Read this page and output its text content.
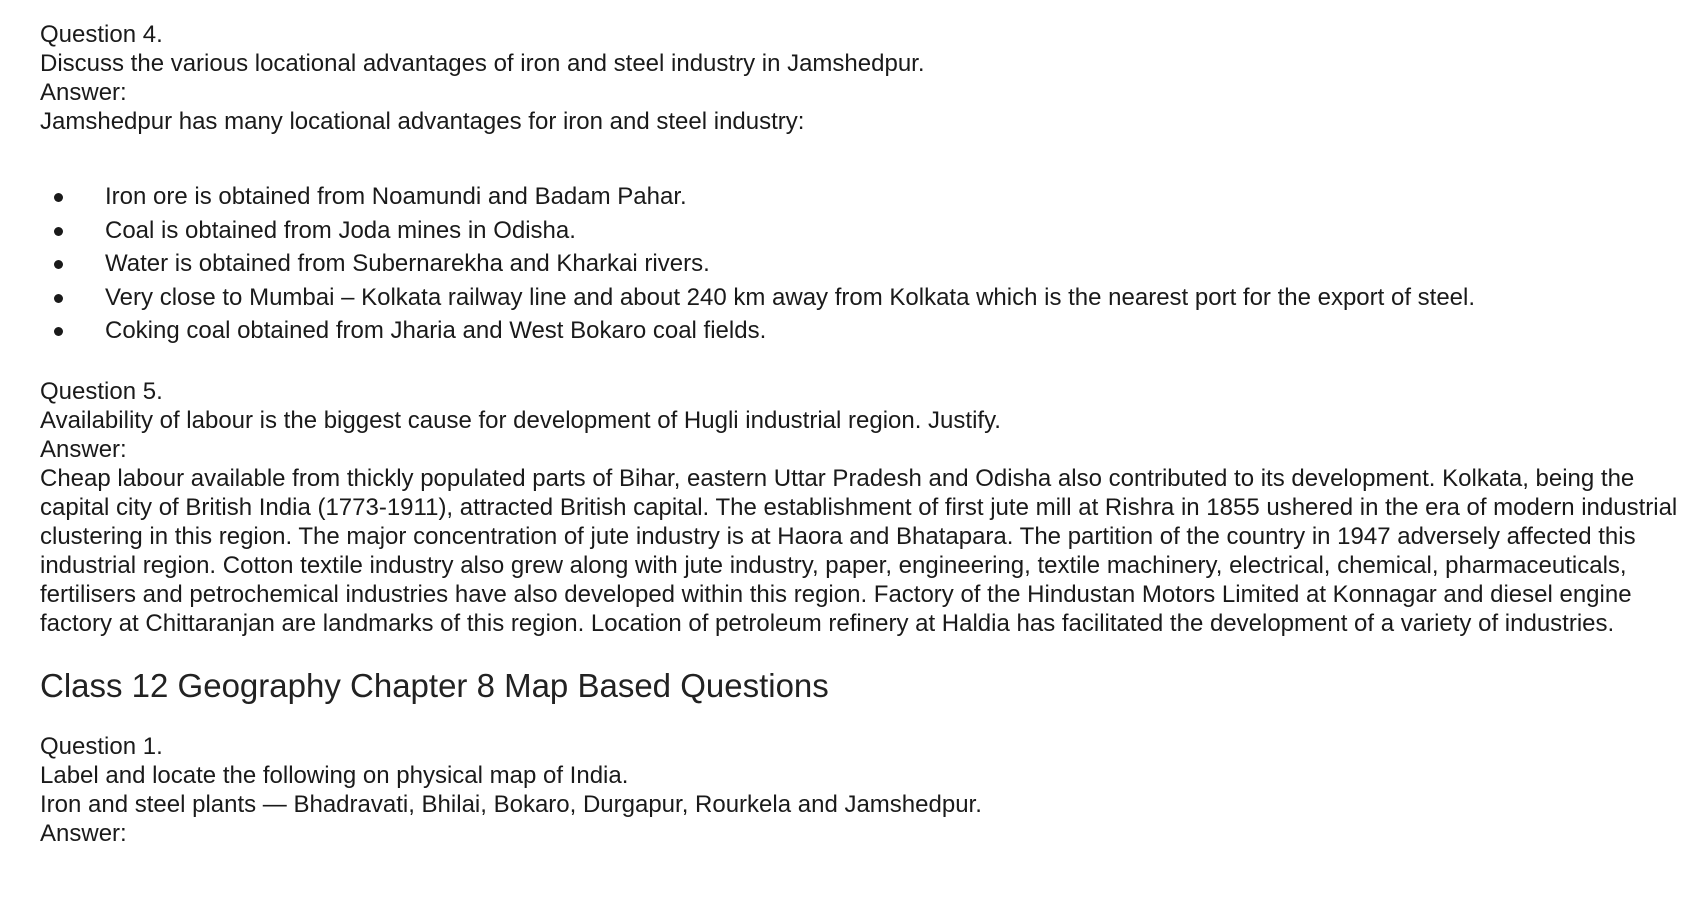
Question 4.
Discuss the various locational advantages of iron and steel industry in Jamshedpur.
Answer:
Jamshedpur has many locational advantages for iron and steel industry:
Iron ore is obtained from Noamundi and Badam Pahar.
Coal is obtained from Joda mines in Odisha.
Water is obtained from Subernarekha and Kharkai rivers.
Very close to Mumbai – Kolkata railway line and about 240 km away from Kolkata which is the nearest port for the export of steel.
Coking coal obtained from Jharia and West Bokaro coal fields.
Question 5.
Availability of labour is the biggest cause for development of Hugli industrial region. Justify.
Answer:
Cheap labour available from thickly populated parts of Bihar, eastern Uttar Pradesh and Odisha also contributed to its development. Kolkata, being the capital city of British India (1773-1911), attracted British capital. The establishment of first jute mill at Rishra in 1855 ushered in the era of modern industrial clustering in this region. The major concentration of jute industry is at Haora and Bhatapara. The partition of the country in 1947 adversely affected this industrial region. Cotton textile industry also grew along with jute industry, paper, engineering, textile machinery, electrical, chemical, pharmaceuticals, fertilisers and petrochemical industries have also developed within this region. Factory of the Hindustan Motors Limited at Konnagar and diesel engine factory at Chittaranjan are landmarks of this region. Location of petroleum refinery at Haldia has facilitated the development of a variety of industries.
Class 12 Geography Chapter 8 Map Based Questions
Question 1.
Label and locate the following on physical map of India.
Iron and steel plants — Bhadravati, Bhilai, Bokaro, Durgapur, Rourkela and Jamshedpur.
Answer:
